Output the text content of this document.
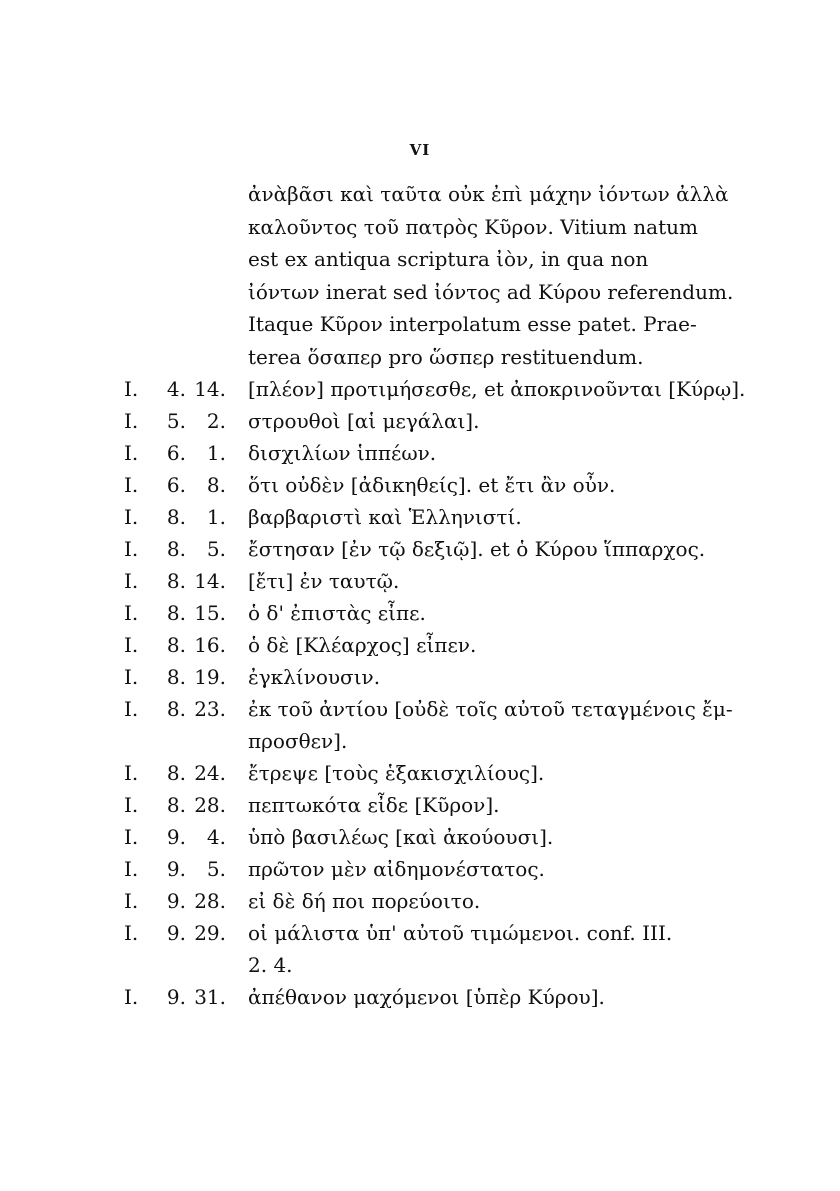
VI
ἀνὰβᾶσι καὶ ταῦτα οὐκ ἐπὶ μάχην ἰόντων ἀλλὰ
καλοῦντος τοῦ πατρὸς Κῦρον. Vitium natum
est ex antiqua scriptura ἰὸν, in qua non
ἰόντων inerat sed ἰόντος ad Κύρου referendum.
Itaque Κῦρον interpolatum esse patet. Prae-
terea ὅσαπερ pro ὥσπερ restituendum.
I.	4. 14.	[πλέον] προτιμήσεσθε, et ἀποκρινοῦνται [Κύρῳ].
I.	5.	2.	στρουθοὶ [αἱ μεγάλαι].
I.	6.	1.	δισχιλίων ἱππέων.
I.	6.	8.	ὅτι οὐδὲν [ἀδικηθείς]. et ἔτι ἂν οὖν.
I.	8.	1.	βαρβαριστὶ καὶ Ἑλληνιστί.
I.	8.	5.	ἔστησαν [ἐν τῷ δεξιῷ]. et ὁ Κύρου ἵππαρχος.
I.	8. 14.	[ἔτι] ἐν ταυτῷ.
I.	8. 15.	ὁ δ' ἐπιστὰς εἶπε.
I.	8. 16.	ὁ δὲ [Κλέαρχος] εἶπεν.
I.	8. 19.	ἐγκλίνουσιν.
I.	8. 23.	ἐκ τοῦ ἀντίου [οὐδὲ τοῖς αὐτοῦ τεταγμένοις ἔμ-
προσθεν].
I.	8. 24.	ἔτρεψε [τοὺς ἑξακισχιλίους].
I.	8. 28.	πεπτωκότα εἶδε [Κῦρον].
I.	9.	4.	ὑπὸ βασιλέως [καὶ ἀκούουσι].
I.	9.	5.	πρῶτον μὲν αἰδημονέστατος.
I.	9. 28.	εἰ δὲ δή ποι πορεύοιτο.
I.	9. 29.	οἱ μάλιστα ὑπ' αὐτοῦ τιμώμενοι. conf. III.
2. 4.
I.	9. 31.	ἀπέθανον μαχόμενοι [ὑπὲρ Κύρου].
